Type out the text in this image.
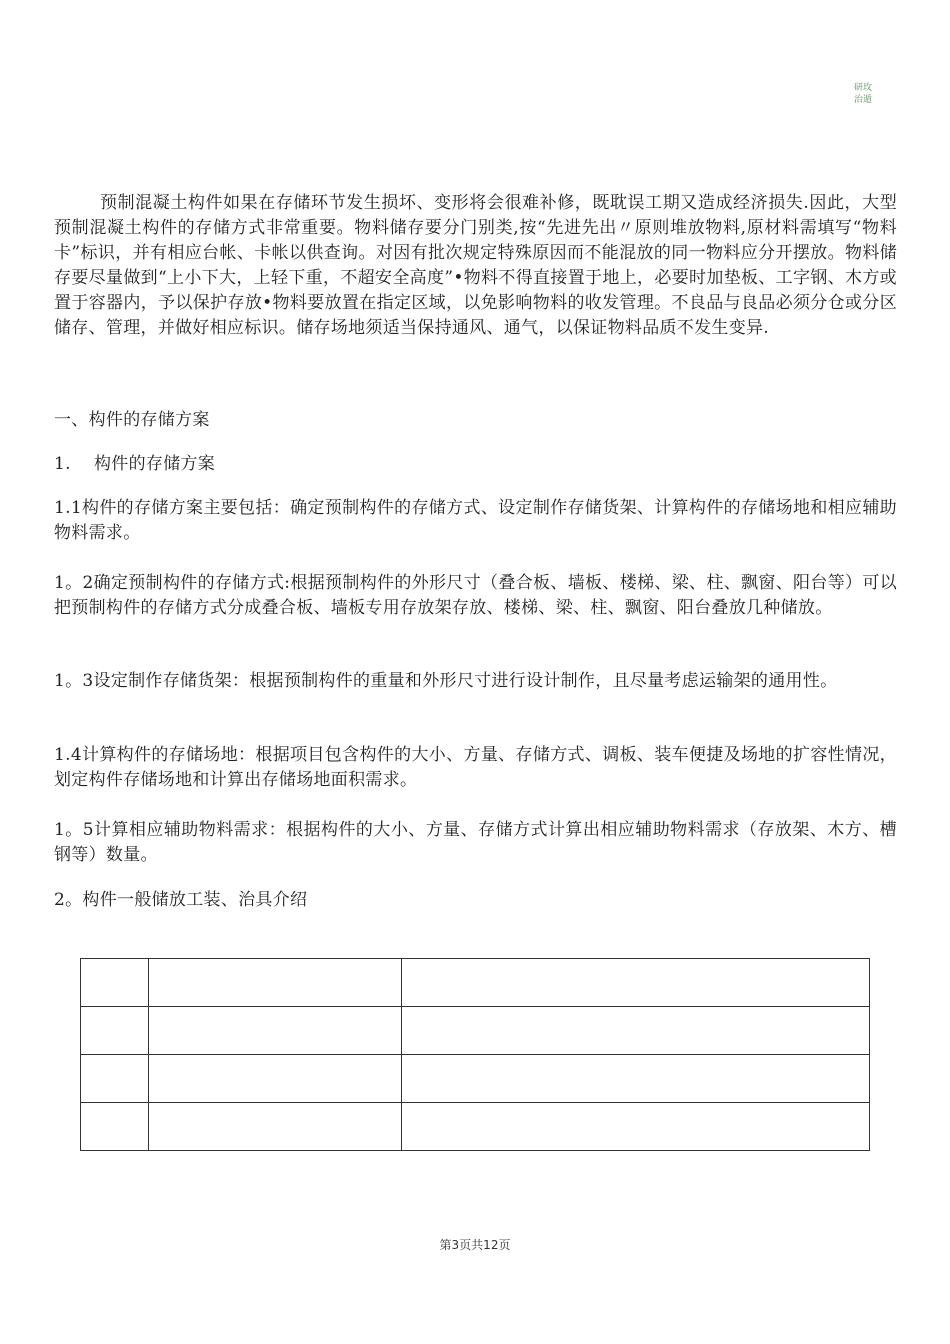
研玫
治遁

预制混凝土构件如果在存储环节发生损坏、变形将会很难补修，既耽误工期又造成经济损失.因此，大型预制混凝土构件的存储方式非常重要。物料储存要分门别类,按“先进先出〃原则堆放物料,原材料需填写“物料卡”标识，并有相应台帐、卡帐以供查询。对因有批次规定特殊原因而不能混放的同一物料应分开摆放。物料储存要尽量做到“上小下大，上轻下重，不超安全高度”•物料不得直接置于地上，必要时加垫板、工字钢、木方或置于容器内，予以保护存放•物料要放置在指定区域，以免影响物料的收发管理。不良品与良品必须分仓或分区储存、管理，并做好相应标识。储存场地须适当保持通风、通气，以保证物料品质不发生变异.

一、构件的存储方案

1. 构件的存储方案

1.1构件的存储方案主要包括：确定预制构件的存储方式、设定制作存储货架、计算构件的存储场地和相应辅助物料需求。

1。2确定预制构件的存储方式:根据预制构件的外形尺寸（叠合板、墙板、楼梯、梁、柱、飘窗、阳台等）可以把预制构件的存储方式分成叠合板、墙板专用存放架存放、楼梯、梁、柱、飘窗、阳台叠放几种储放。

1。3设定制作存储货架：根据预制构件的重量和外形尺寸进行设计制作，且尽量考虑运输架的通用性。

1.4计算构件的存储场地：根据项目包含构件的大小、方量、存储方式、调板、装车便捷及场地的扩容性情况，划定构件存储场地和计算出存储场地面积需求。

1。5计算相应辅助物料需求：根据构件的大小、方量、存储方式计算出相应辅助物料需求（存放架、木方、槽钢等）数量。

2。构件一般储放工装、治具介绍

第3页共12页
